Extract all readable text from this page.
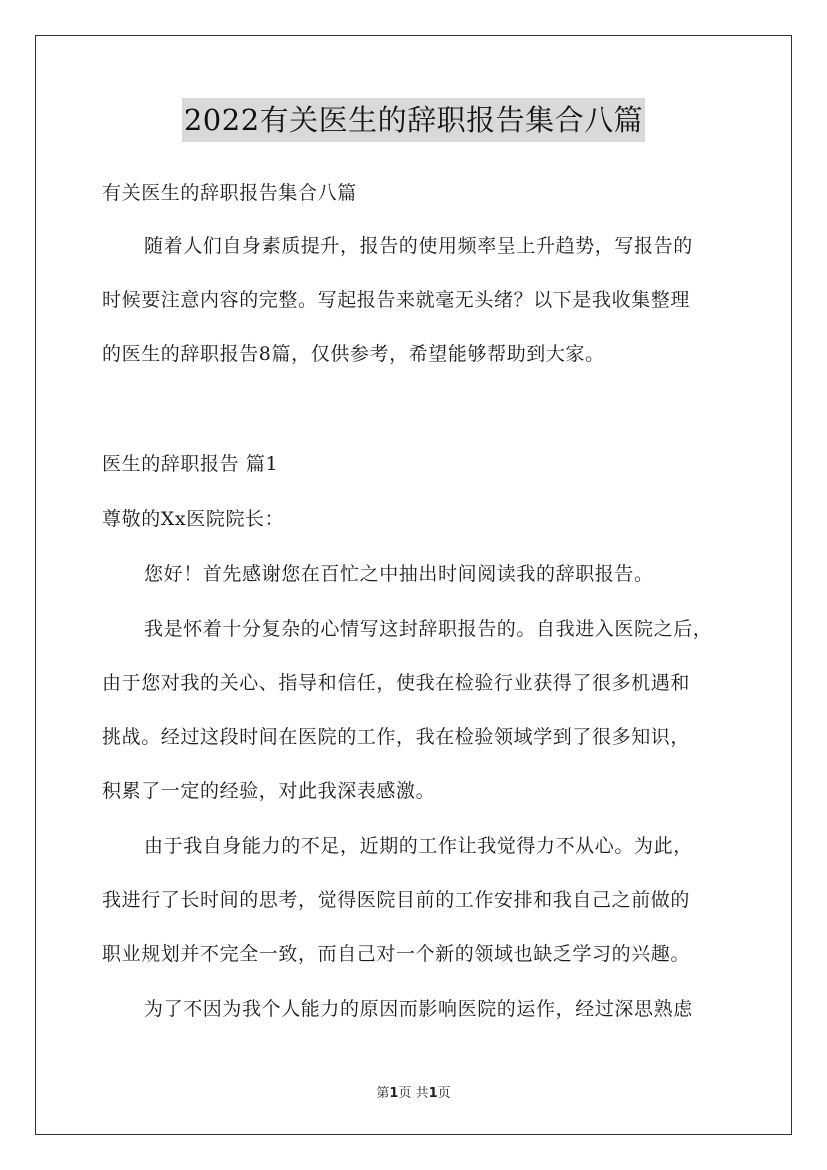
2022有关医生的辞职报告集合八篇
有关医生的辞职报告集合八篇
随着人们自身素质提升，报告的使用频率呈上升趋势，写报告的
时候要注意内容的完整。写起报告来就毫无头绪？以下是我收集整理
的医生的辞职报告8篇，仅供参考，希望能够帮助到大家。
医生的辞职报告 篇1
尊敬的Xx医院院长：
您好！首先感谢您在百忙之中抽出时间阅读我的辞职报告。
我是怀着十分复杂的心情写这封辞职报告的。自我进入医院之后，
由于您对我的关心、指导和信任，使我在检验行业获得了很多机遇和
挑战。经过这段时间在医院的工作，我在检验领域学到了很多知识，
积累了一定的经验，对此我深表感激。
由于我自身能力的不足，近期的工作让我觉得力不从心。为此，
我进行了长时间的思考，觉得医院目前的工作安排和我自己之前做的
职业规划并不完全一致，而自己对一个新的领域也缺乏学习的兴趣。
为了不因为我个人能力的原因而影响医院的运作，经过深思熟虑
第1页 共1页
